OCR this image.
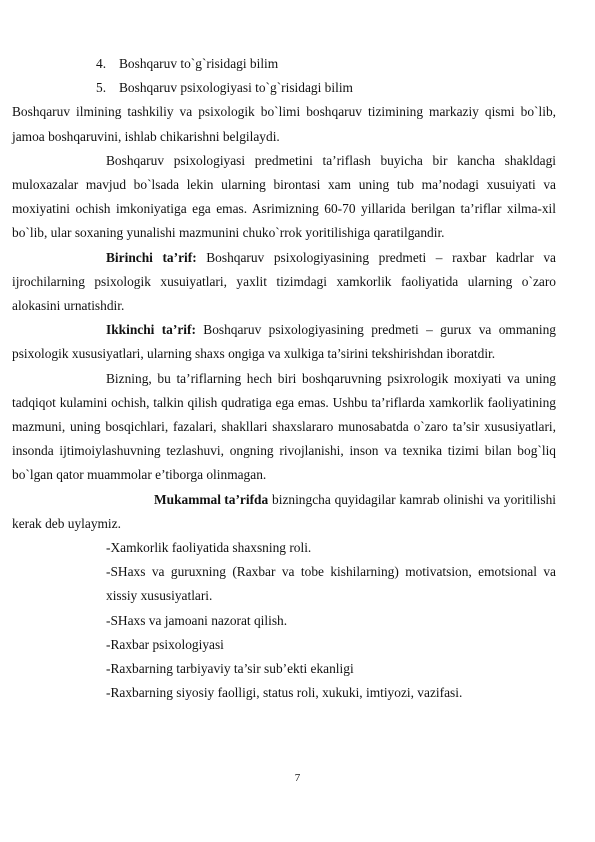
4. Boshqaruv to`g`risidagi bilim
5. Boshqaruv psixologiyasi to`g`risidagi bilim

Boshqaruv ilmining tashkiliy va psixologik bo`limi boshqaruv tizimining markaziy qismi bo`lib, jamoa boshqaruvini, ishlab chikarishni belgilaydi.

Boshqaruv psixologiyasi predmetini ta’riflash buyicha bir kancha shakldagi muloxazalar mavjud bo`lsada lekin ularning birontasi xam uning tub ma’nodagi xusuiyati va moxiyatini ochish imkoniyatiga ega emas. Asrimizning 60-70 yillarida berilgan ta’riflar xilma-xil bo`lib, ular soxaning yunalishi mazmunini chuko`rrok yoritilishiga qaratilgandir.

Birinchi ta’rif: Boshqaruv psixologiyasining predmeti – raxbar kadrlar va ijrochilarning psixologik xusuiyatlari, yaxlit tizimdagi xamkorlik faoliyatida ularning o`zaro alokasini urnatishdir.

Ikkinchi ta’rif: Boshqaruv psixologiyasining predmeti – gurux va ommaning psixologik xususiyatlari, ularning shaxs ongiga va xulkiga ta’sirini tekshirishdan iboratdir.

Bizning, bu ta’riflarning hech biri boshqaruvning psixrologik moxiyati va uning tadqiqot kulamini ochish, talkin qilish qudratiga ega emas. Ushbu ta’riflarda xamkorlik faoliyatining mazmuni, uning bosqichlari, fazalari, shakllari shaxslararo munosabatda o`zaro ta’sir xususiyatlari, insonda ijtimoiylashuvning tezlashuvi, ongning rivojlanishi, inson va texnika tizimi bilan bog`liq bo`lgan qator muammolar e’tiborga olinmagan.

Mukammal ta’rifda bizningcha quyidagilar kamrab olinishi va yoritilishi kerak deb uylaymiz.

-Xamkorlik faoliyatida shaxsning roli.

-SHaxs va guruxning (Raxbar va tobe kishilarning) motivatsion, emotsional va xissiy xususiyatlari.

-SHaxs va jamoani nazorat qilish.

-Raxbar psixologiyasi

-Raxbarning tarbiyaviy ta’sir sub’ekti ekanligi

-Raxbarning siyosiy faolligi, status roli, xukuki, imtiyozi, vazifasi.

7
